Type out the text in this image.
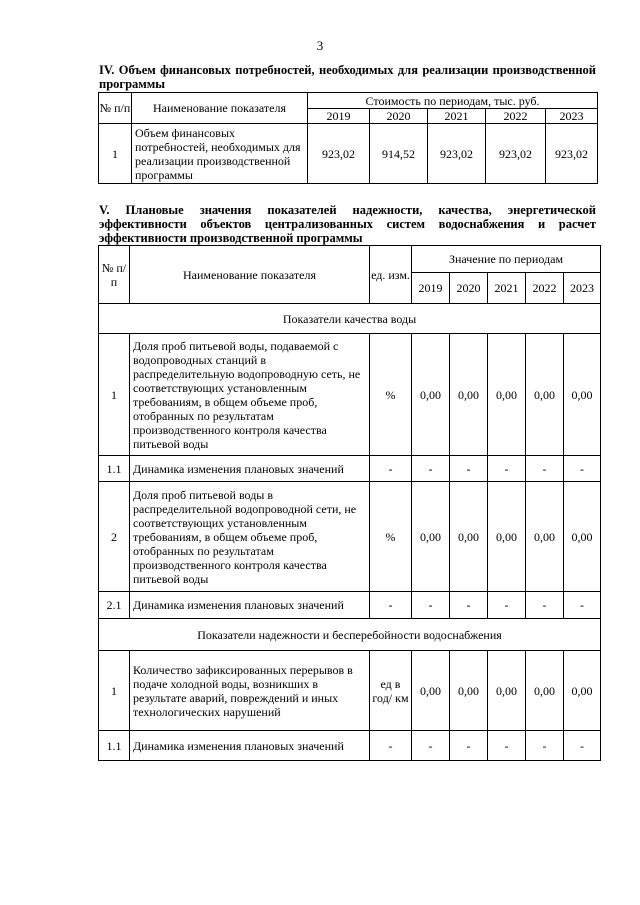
3
IV. Объем финансовых потребностей, необходимых для реализации производственной программы
№ п/п	Наименование показателя	Стоимость по периодам, тыс. руб.				
		2019	2020	2021	2022	2023
1	Объем финансовых потребностей, необходимых для реализации производственной программы	923,02	914,52	923,02	923,02	923,02
V. Плановые значения показателей надежности, качества, энергетической эффективности объектов централизованных систем водоснабжения и расчет эффективности производственной программы
№ п/п	Наименование показателя	ед. изм.	Значение по периодам				
			2019	2020	2021	2022	2023
Показатели качества воды							
1	Доля проб питьевой воды, подаваемой с водопроводных станций в распределительную водопроводную сеть, не соответствующих установленным требованиям, в общем объеме проб, отобранных по результатам производственного контроля качества питьевой воды	%	0,00	0,00	0,00	0,00	0,00
1.1	Динамика изменения плановых значений	-	-	-	-	-	-
2	Доля проб питьевой воды в распределительной водопроводной сети, не соответствующих установленным требованиям, в общем объеме проб, отобранных по результатам производственного контроля качества питьевой воды	%	0,00	0,00	0,00	0,00	0,00
2.1	Динамика изменения плановых значений	-	-	-	-	-	-
Показатели надежности и бесперебойности водоснабжения							
1	Количество зафиксированных перерывов в подаче холодной воды, возникших в результате аварий, повреждений и иных технологических нарушений	ед в год/ км	0,00	0,00	0,00	0,00	0,00
1.1	Динамика изменения плановых значений	-	-	-	-	-	-
